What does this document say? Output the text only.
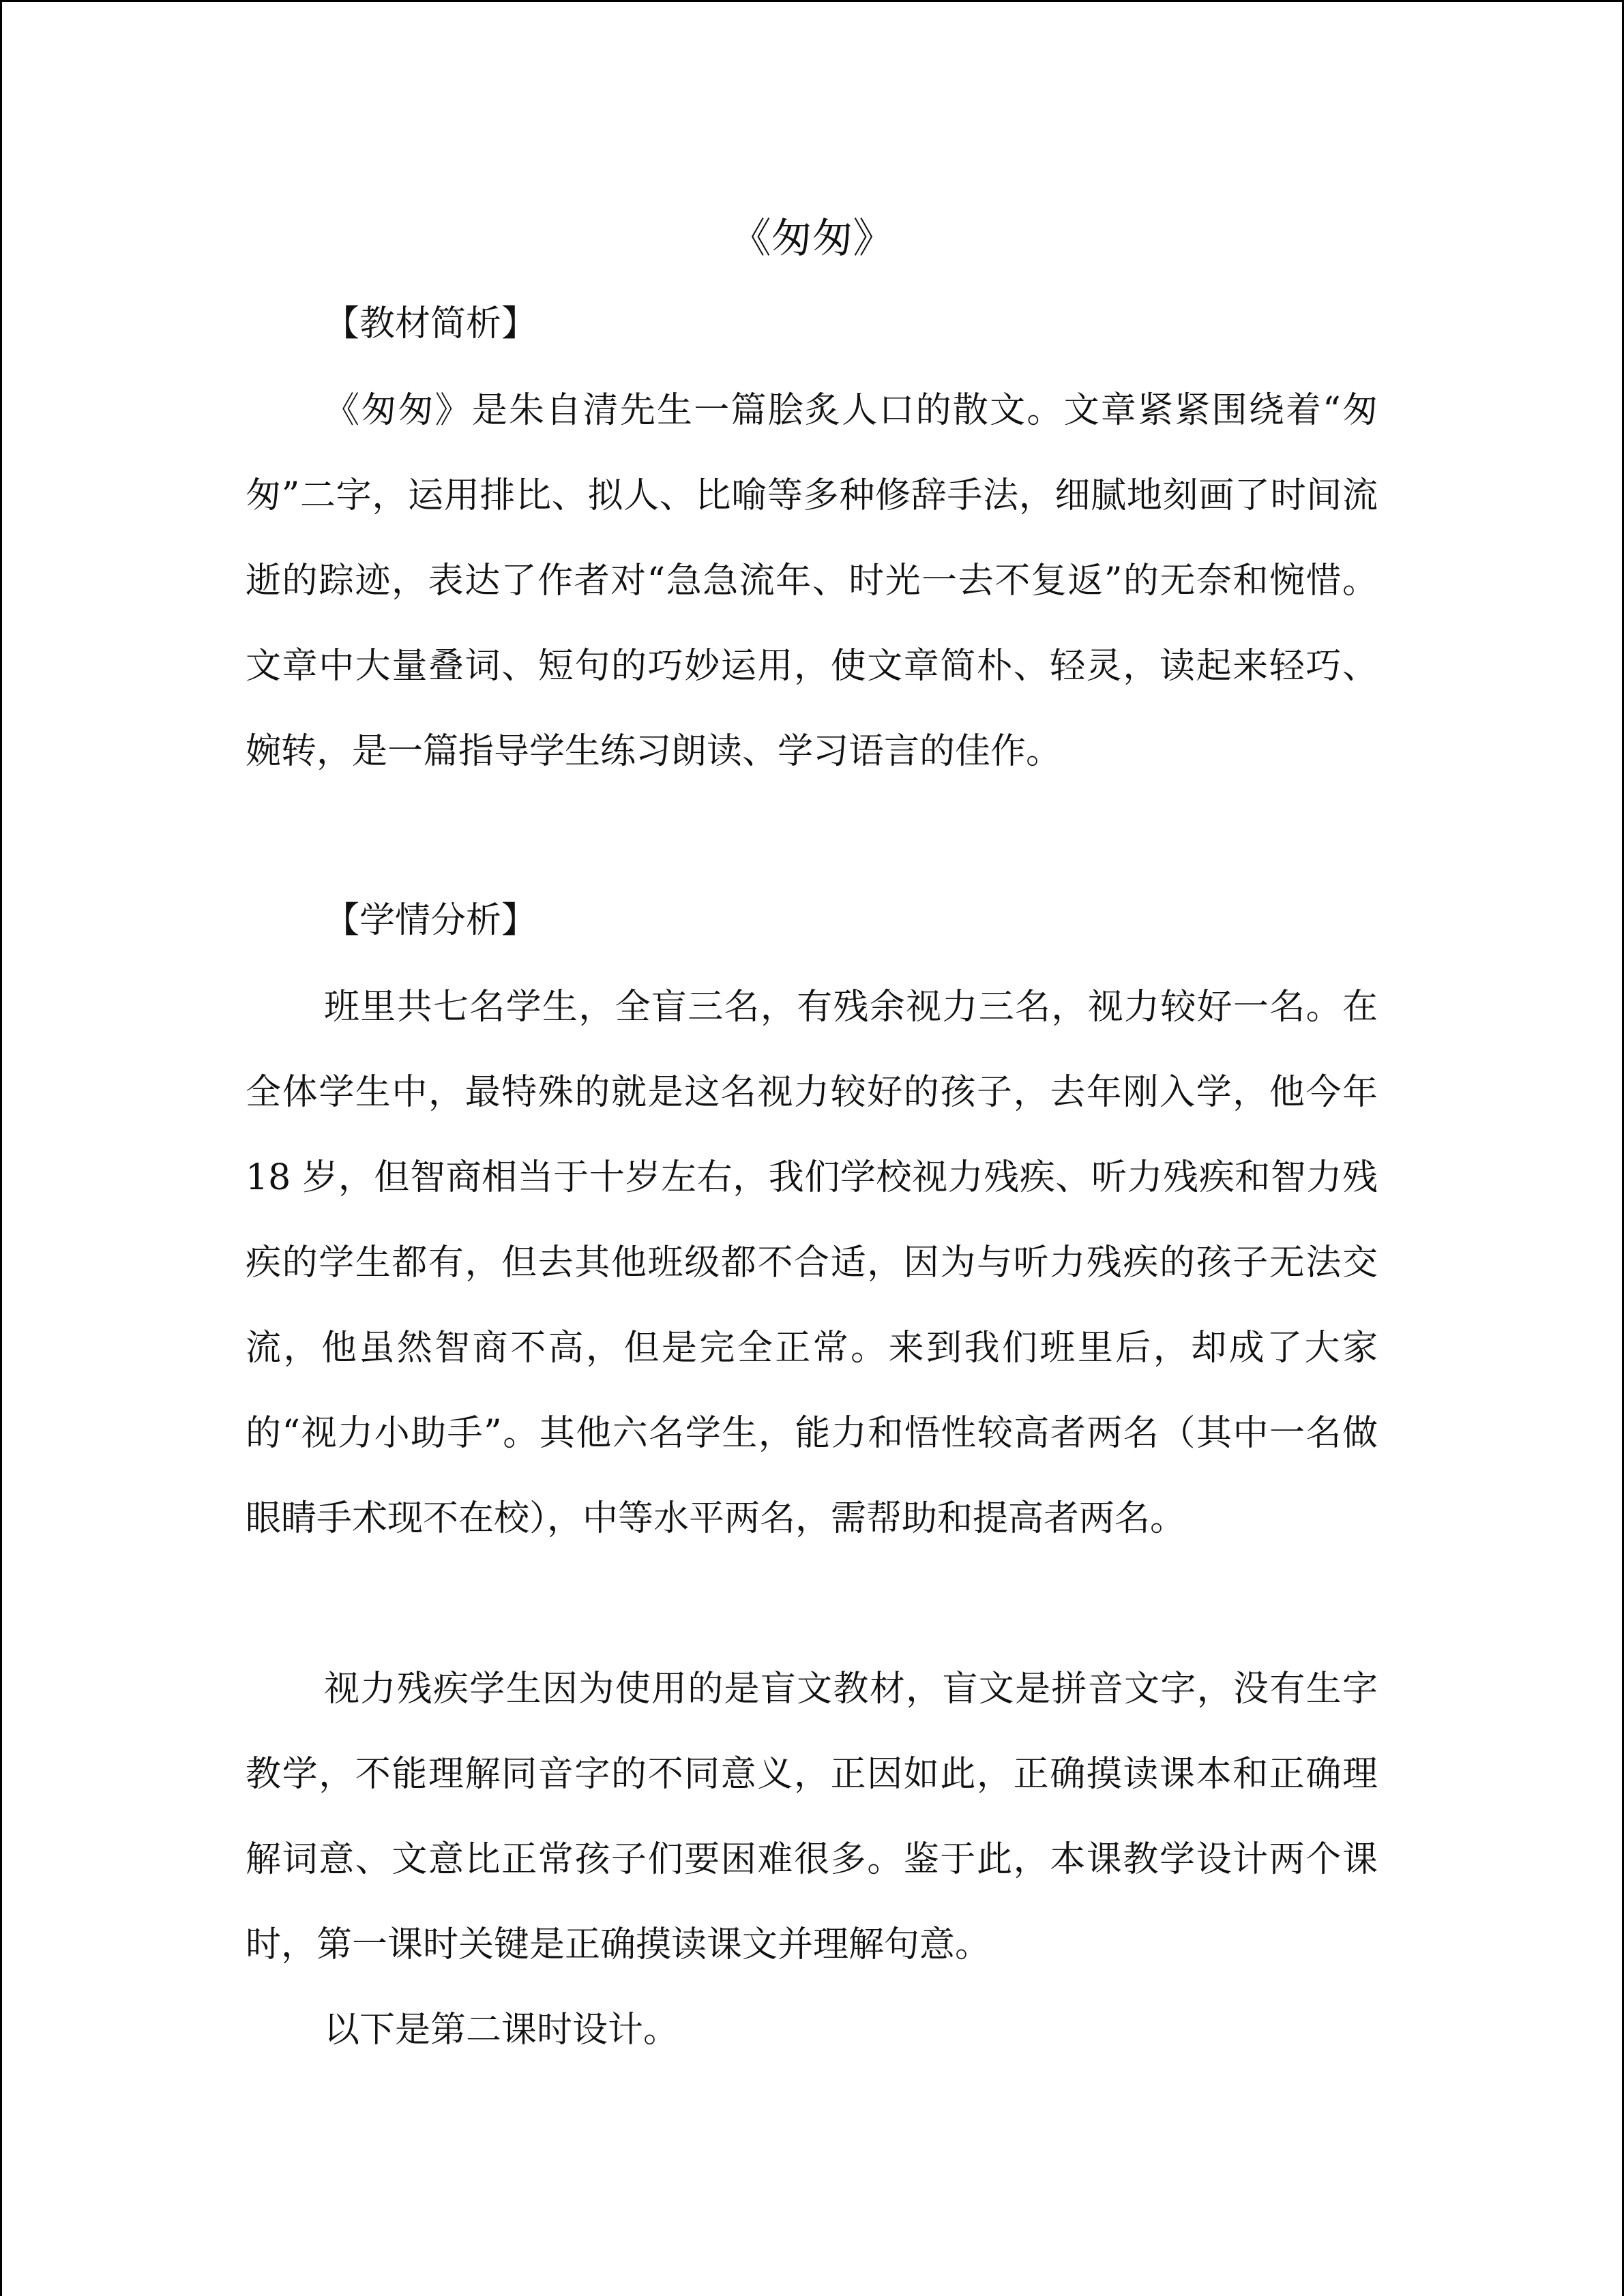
《匆匆》
【教材简析】

《匆匆》是朱自清先生一篇脍炙人口的散文。文章紧紧围绕着“匆匆”二字，运用排比、拟人、比喻等多种修辞手法，细腻地刻画了时间流逝的踪迹，表达了作者对“急急流年、时光一去不复返”的无奈和惋惜。文章中大量叠词、短句的巧妙运用，使文章简朴、轻灵，读起来轻巧、婉转，是一篇指导学生练习朗读、学习语言的佳作。

【学情分析】

班里共七名学生，全盲三名，有残余视力三名，视力较好一名。在全体学生中，最特殊的就是这名视力较好的孩子，去年刚入学，他今年 18 岁，但智商相当于十岁左右，我们学校视力残疾、听力残疾和智力残疾的学生都有，但去其他班级都不合适，因为与听力残疾的孩子无法交流，他虽然智商不高，但是完全正常。来到我们班里后，却成了大家的“视力小助手”。其他六名学生，能力和悟性较高者两名（其中一名做眼睛手术现不在校），中等水平两名，需帮助和提高者两名。

视力残疾学生因为使用的是盲文教材，盲文是拼音文字，没有生字教学，不能理解同音字的不同意义，正因如此，正确摸读课本和正确理解词意、文意比正常孩子们要困难很多。鉴于此，本课教学设计两个课时，第一课时关键是正确摸读课文并理解句意。

以下是第二课时设计。
